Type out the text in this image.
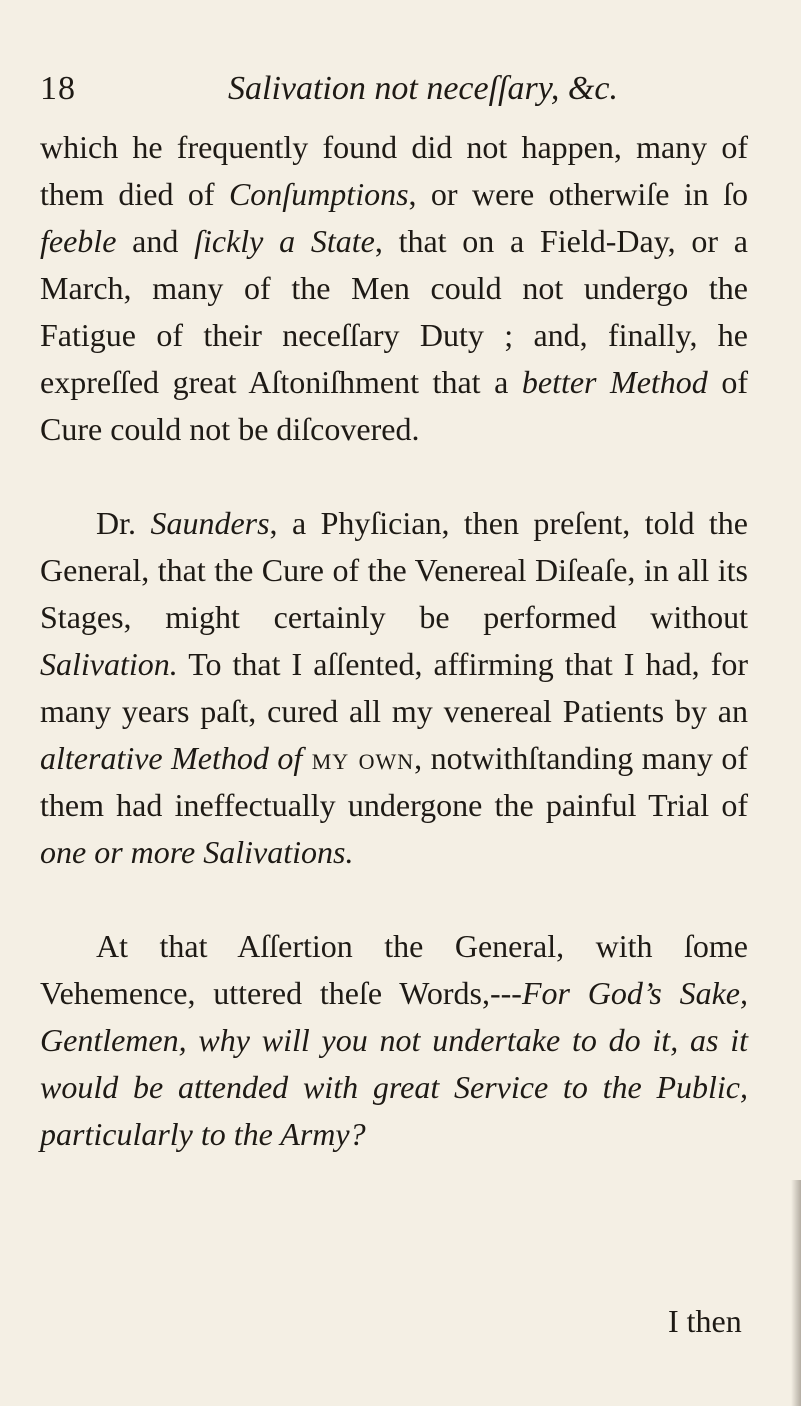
18	Salivation not neceſſary, &c.

which he frequently found did not happen, many of them died of Conſumptions, or were otherwiſe in ſo feeble and ſickly a State, that on a Field-Day, or a March, many of the Men could not undergo the Fatigue of their neceſſary Duty ; and, finally, he expreſſed great Aſtoniſhment that a better Method of Cure could not be diſcovered.

Dr. Saunders, a Phyſician, then preſent, told the General, that the Cure of the Venereal Diſeaſe, in all its Stages, might certainly be performed without Salivation. To that I aſſented, affirming that I had, for many years paſt, cured all my venereal Patients by an alterative Method of my own, notwithſtanding many of them had ineffectually undergone the painful Trial of one or more Salivations.

At that Aſſertion the General, with ſome Vehemence, uttered theſe Words,---For God’s Sake, Gentlemen, why will you not undertake to do it, as it would be attended with great Service to the Public, particularly to the Army?

I then
